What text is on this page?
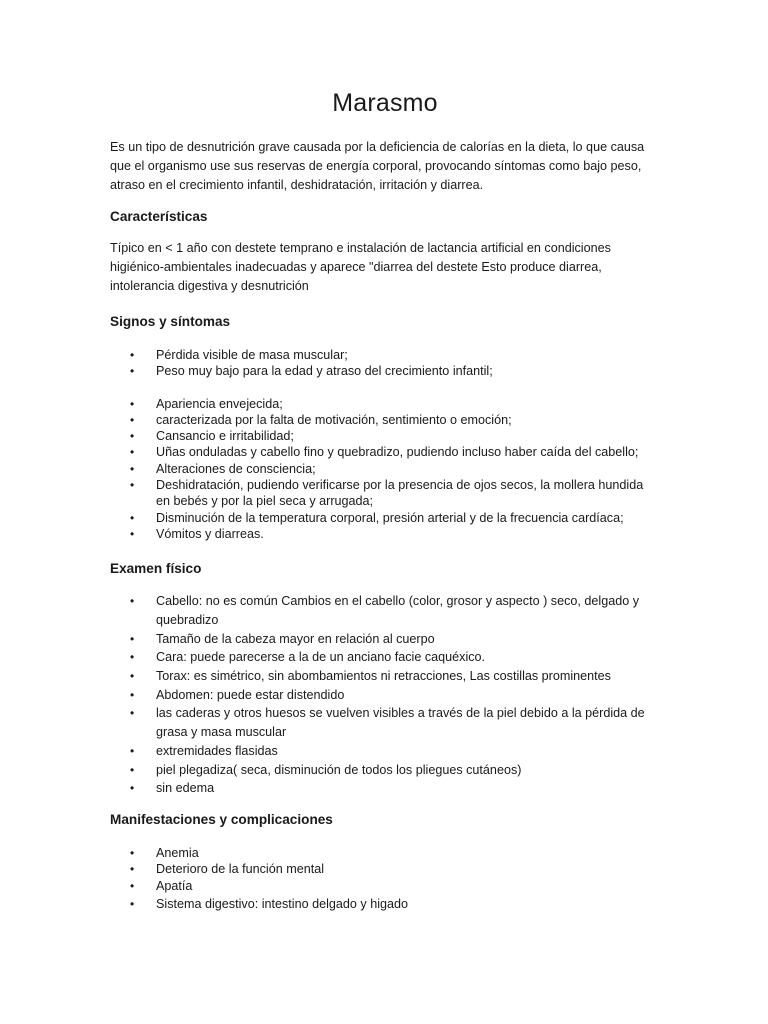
Marasmo

Es un tipo de desnutrición grave causada por la deficiencia de calorías en la dieta, lo que causa que el organismo use sus reservas de energía corporal, provocando síntomas como bajo peso, atraso en el crecimiento infantil, deshidratación, irritación y diarrea.

Características

Típico en < 1 año con destete temprano e instalación de lactancia artificial en condiciones higiénico-ambientales inadecuadas y aparece "diarrea del destete Esto produce diarrea, intolerancia digestiva y desnutrición

Signos y síntomas
• Pérdida visible de masa muscular;
• Peso muy bajo para la edad y atraso del crecimiento infantil;
• Apariencia envejecida;
• caracterizada por la falta de motivación, sentimiento o emoción;
• Cansancio e irritabilidad;
• Uñas onduladas y cabello fino y quebradizo, pudiendo incluso haber caída del cabello;
• Alteraciones de consciencia;
• Deshidratación, pudiendo verificarse por la presencia de ojos secos, la mollera hundida en bebés y por la piel seca y arrugada;
• Disminución de la temperatura corporal, presión arterial y de la frecuencia cardíaca;
• Vómitos y diarreas.
Examen físico
• Cabello: no es común Cambios en el cabello (color, grosor y aspecto ) seco, delgado y quebradizo
• Tamaño de la cabeza mayor en relación al cuerpo
• Cara: puede parecerse a la de un anciano facie caquéxico.
• Torax: es simétrico, sin abombamientos ni retracciones, Las costillas prominentes
• Abdomen: puede estar distendido
• las caderas y otros huesos se vuelven visibles a través de la piel debido a la pérdida de grasa y masa muscular
• extremidades flasidas
• piel plegadiza( seca, disminución de todos los pliegues cutáneos)
• sin edema
Manifestaciones y complicaciones
• Anemia
• Deterioro de la función mental
• Apatía
• Sistema digestivo: intestino delgado y higado
